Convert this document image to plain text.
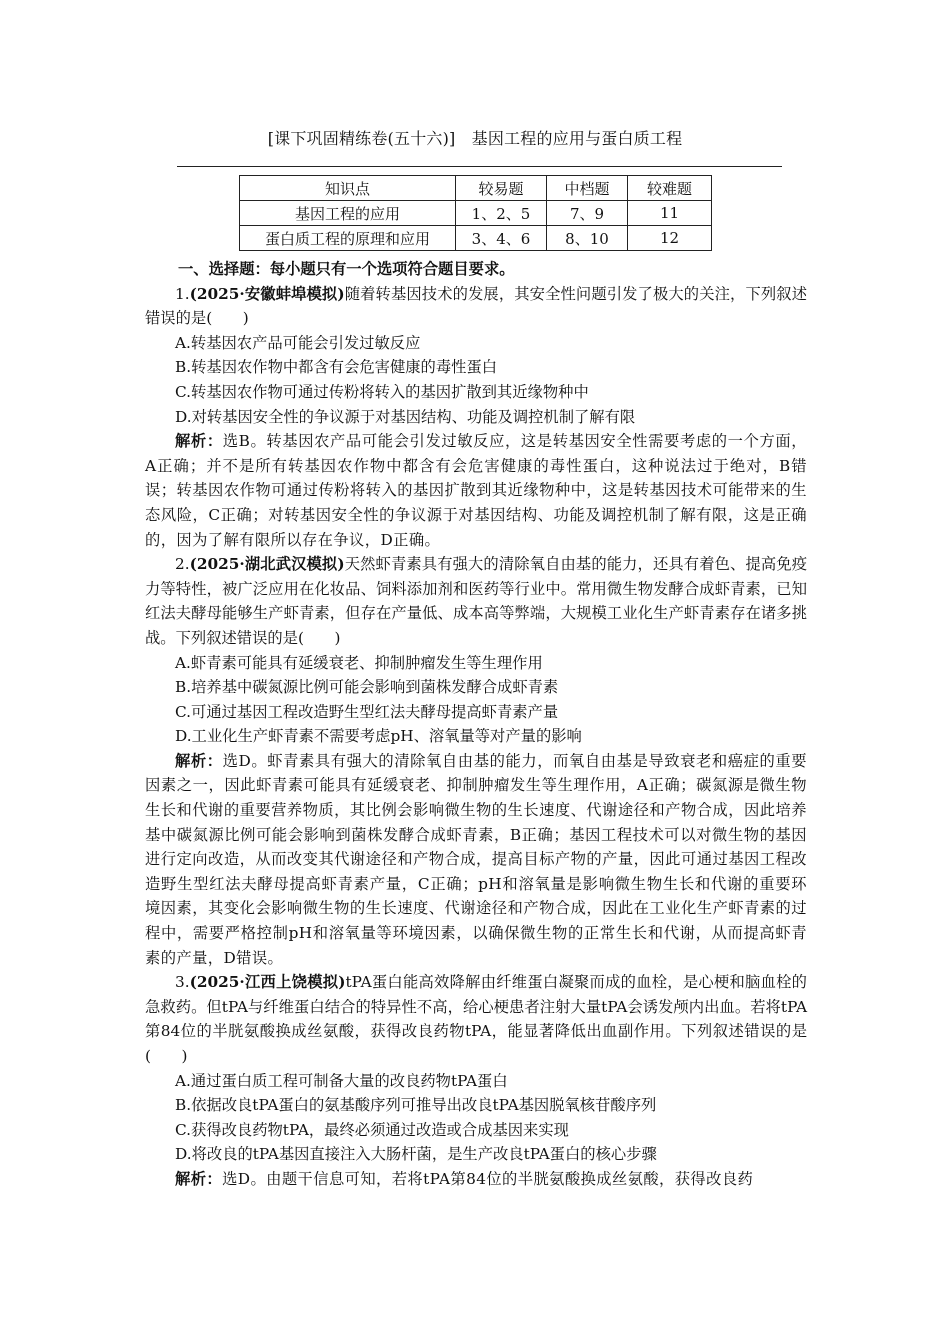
[课下巩固精练卷(五十六)]　基因工程的应用与蛋白质工程
知识点	较易题	中档题	较难题
基因工程的应用	1、2、5	7、9	11
蛋白质工程的原理和应用	3、4、6	8、10	12

一、选择题：每小题只有一个选项符合题目要求。

1.(2025·安徽蚌埠模拟)随着转基因技术的发展，其安全性问题引发了极大的关注，下列叙述错误的是(　　)

A.转基因农产品可能会引发过敏反应

B.转基因农作物中都含有会危害健康的毒性蛋白

C.转基因农作物可通过传粉将转入的基因扩散到其近缘物种中

D.对转基因安全性的争议源于对基因结构、功能及调控机制了解有限

解析：选B。转基因农产品可能会引发过敏反应，这是转基因安全性需要考虑的一个方面，A正确；并不是所有转基因农作物中都含有会危害健康的毒性蛋白，这种说法过于绝对，B错误；转基因农作物可通过传粉将转入的基因扩散到其近缘物种中，这是转基因技术可能带来的生态风险，C正确；对转基因安全性的争议源于对基因结构、功能及调控机制了解有限，这是正确的，因为了解有限所以存在争议，D正确。

2.(2025·湖北武汉模拟)天然虾青素具有强大的清除氧自由基的能力，还具有着色、提高免疫力等特性，被广泛应用在化妆品、饲料添加剂和医药等行业中。常用微生物发酵合成虾青素，已知红法夫酵母能够生产虾青素，但存在产量低、成本高等弊端，大规模工业化生产虾青素存在诸多挑战。下列叙述错误的是(　　)

A.虾青素可能具有延缓衰老、抑制肿瘤发生等生理作用

B.培养基中碳氮源比例可能会影响到菌株发酵合成虾青素

C.可通过基因工程改造野生型红法夫酵母提高虾青素产量

D.工业化生产虾青素不需要考虑pH、溶氧量等对产量的影响

解析：选D。虾青素具有强大的清除氧自由基的能力，而氧自由基是导致衰老和癌症的重要因素之一，因此虾青素可能具有延缓衰老、抑制肿瘤发生等生理作用，A正确；碳氮源是微生物生长和代谢的重要营养物质，其比例会影响微生物的生长速度、代谢途径和产物合成，因此培养基中碳氮源比例可能会影响到菌株发酵合成虾青素，B正确；基因工程技术可以对微生物的基因进行定向改造，从而改变其代谢途径和产物合成，提高目标产物的产量，因此可通过基因工程改造野生型红法夫酵母提高虾青素产量，C正确；pH和溶氧量是影响微生物生长和代谢的重要环境因素，其变化会影响微生物的生长速度、代谢途径和产物合成，因此在工业化生产虾青素的过程中，需要严格控制pH和溶氧量等环境因素，以确保微生物的正常生长和代谢，从而提高虾青素的产量，D错误。

3.(2025·江西上饶模拟)tPA蛋白能高效降解由纤维蛋白凝聚而成的血栓，是心梗和脑血栓的急救药。但tPA与纤维蛋白结合的特异性不高，给心梗患者注射大量tPA会诱发颅内出血。若将tPA第84位的半胱氨酸换成丝氨酸，获得改良药物tPA，能显著降低出血副作用。下列叙述错误的是(　　)

A.通过蛋白质工程可制备大量的改良药物tPA蛋白

B.依据改良tPA蛋白的氨基酸序列可推导出改良tPA基因脱氧核苷酸序列

C.获得改良药物tPA，最终必须通过改造或合成基因来实现

D.将改良的tPA基因直接注入大肠杆菌，是生产改良tPA蛋白的核心步骤

解析：选D。由题干信息可知，若将tPA第84位的半胱氨酸换成丝氨酸，获得改良药
